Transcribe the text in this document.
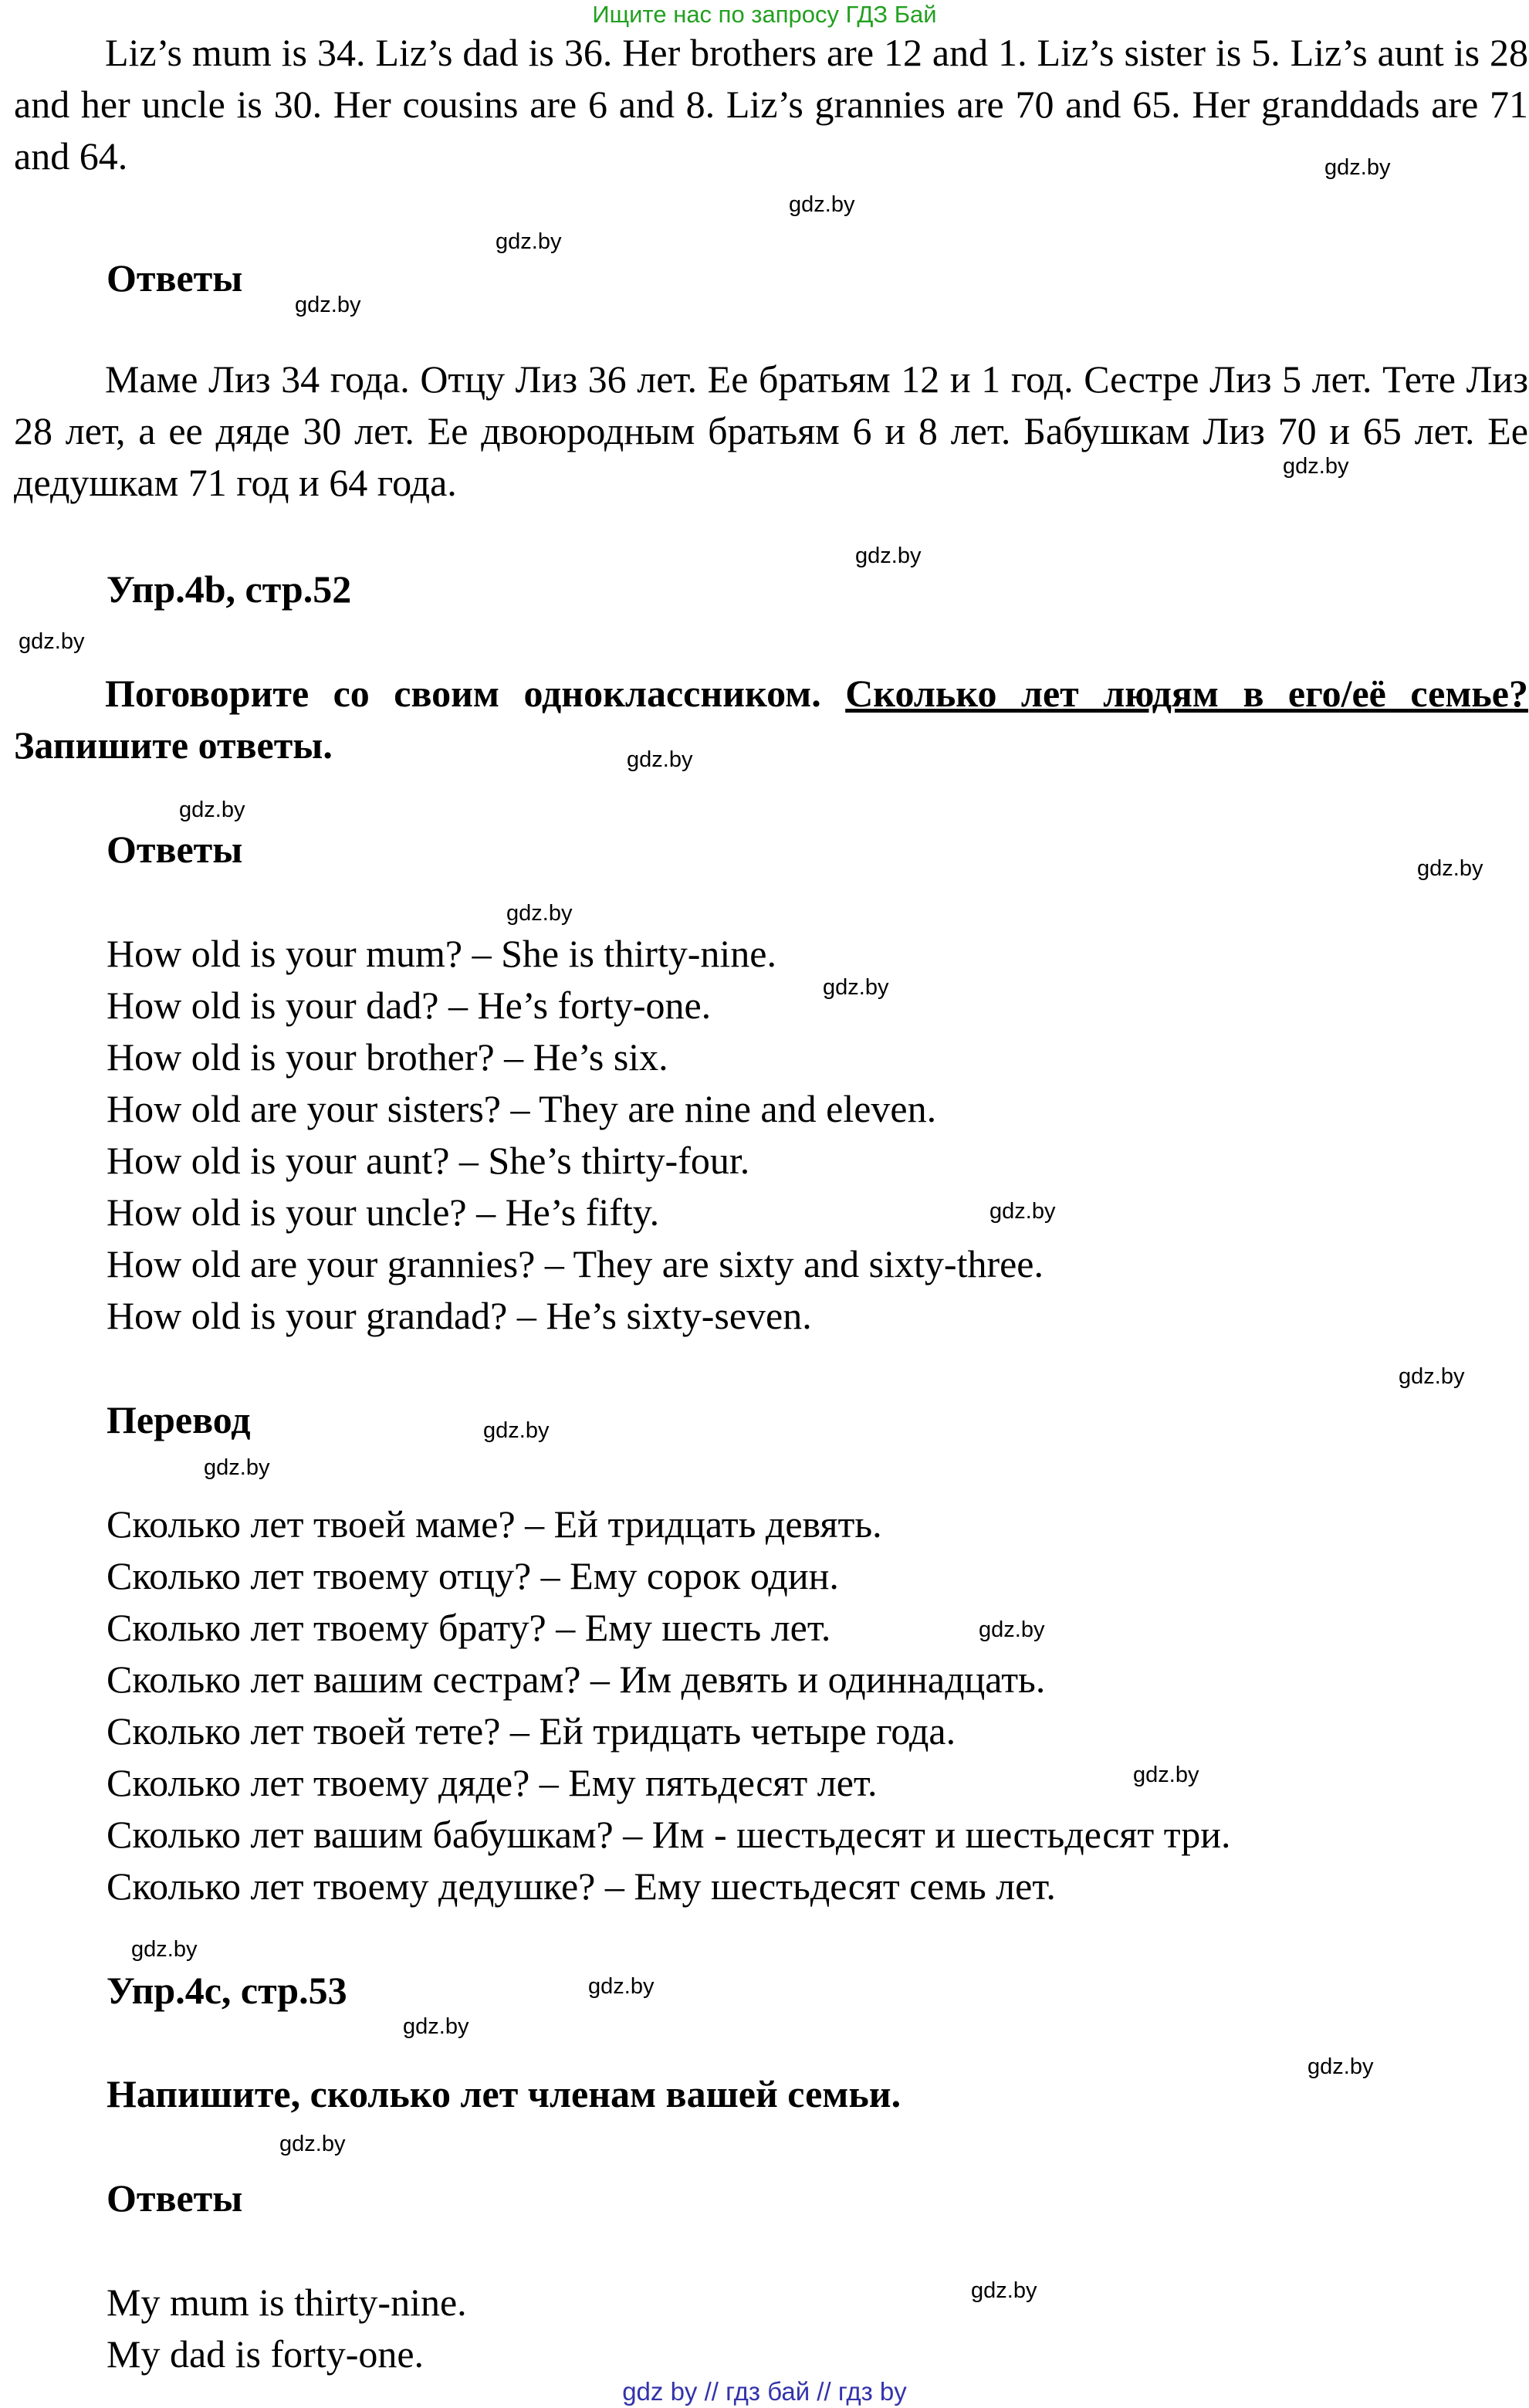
Ищите нас по запросу ГДЗ Бай
Liz’s mum is 34. Liz’s dad is 36. Her brothers are 12 and 1. Liz’s sister is 5. Liz’s aunt is 28 and her uncle is 30. Her cousins are 6 and 8. Liz’s grannies are 70 and 65. Her granddads are 71 and 64.
Ответы
Маме Лиз 34 года. Отцу Лиз 36 лет. Ее братьям 12 и 1 год. Сестре Лиз 5 лет. Тете Лиз 28 лет, а ее дяде 30 лет. Ее двоюродным братьям 6 и 8 лет. Бабушкам Лиз 70 и 65 лет. Ее дедушкам 71 год и 64 года.
Упр.4b, стр.52
Поговорите со своим одноклассником. Сколько лет людям в его/её семье? Запишите ответы.
Ответы
How old is your mum? – She is thirty-nine.
How old is your dad? – He’s forty-one.
How old is your brother? – He’s six.
How old are your sisters? – They are nine and eleven.
How old is your aunt? – She’s thirty-four.
How old is your uncle? – He’s fifty.
How old are your grannies? – They are sixty and sixty-three.
How old is your grandad? – He’s sixty-seven.
Перевод
Сколько лет твоей маме? – Ей тридцать девять.
Сколько лет твоему отцу? – Ему сорок один.
Сколько лет твоему брату? – Ему шесть лет.
Сколько лет вашим сестрам? – Им девять и одиннадцать.
Сколько лет твоей тете? – Ей тридцать четыре года.
Сколько лет твоему дяде? – Ему пятьдесят лет.
Сколько лет вашим бабушкам? – Им - шестьдесят и шестьдесят три.
Сколько лет твоему дедушке? – Ему шестьдесят семь лет.
Упр.4c, стр.53
Напишите, сколько лет членам вашей семьи.
Ответы
My mum is thirty-nine.
My dad is forty-one.
gdz.by
gdz.by
gdz.by
gdz.by
gdz.by
gdz.by
gdz.by
gdz.by
gdz.by
gdz.by
gdz.by
gdz.by
gdz.by
gdz.by
gdz.by
gdz.by
gdz.by
gdz.by
gdz.by
gdz.by
gdz.by
gdz.by
gdz.by
gdz.by
gdz by // гдз бай // гдз by
